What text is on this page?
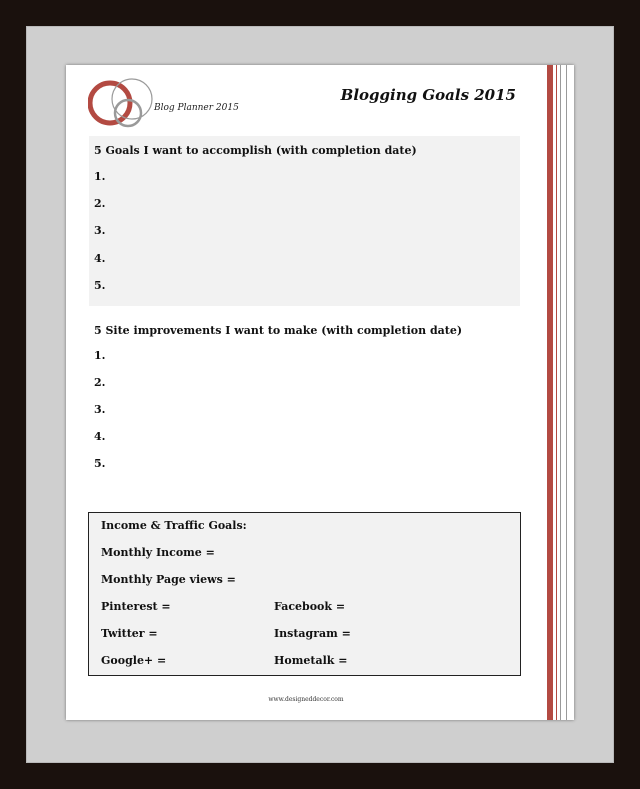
Blog Planner 2015
Blogging Goals 2015
5 Goals I want to accomplish (with completion date)
1.
2.
3.
4.
5.
5 Site improvements I want to make (with completion date)
1.
2.
3.
4.
5.
Income & Traffic Goals:
Monthly Income =
Monthly Page views =
Pinterest =	Facebook =
Twitter =	Instagram =
Google+ =	Hometalk =
www.designeddecor.com
